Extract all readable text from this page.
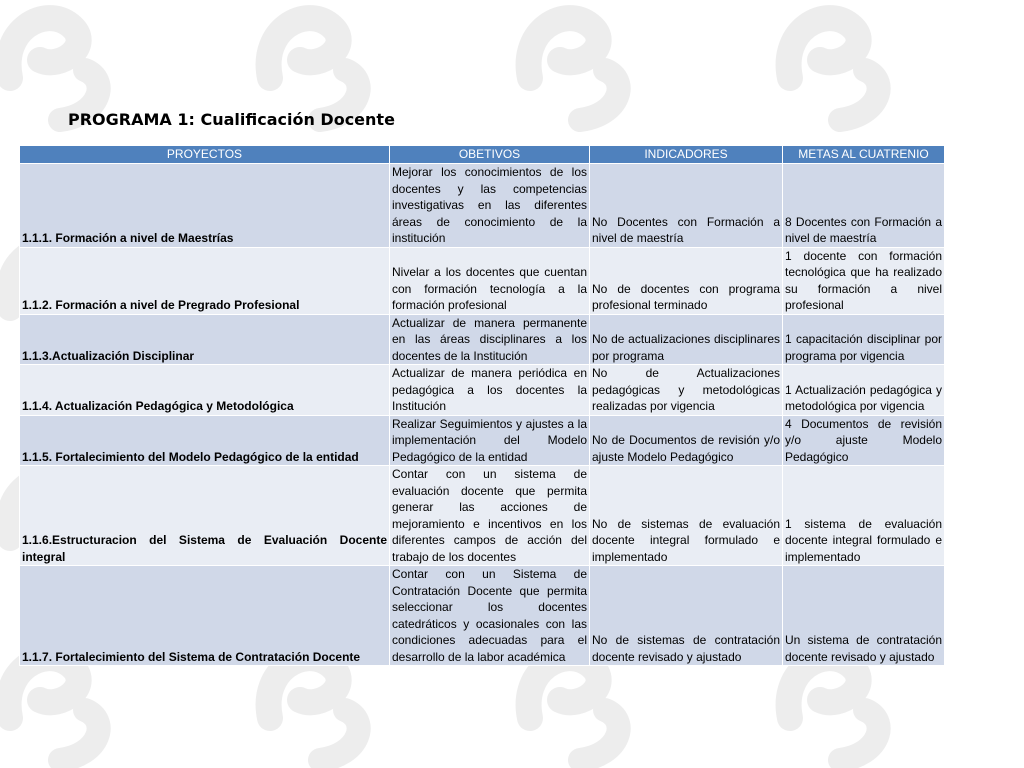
PROGRAMA 1: Cualificación Docente
PROYECTOS	OBETIVOS	INDICADORES	METAS AL CUATRENIO
1.1.1. Formación a nivel de Maestrías	Mejorar los conocimientos de los docentes y las competencias investigativas en las diferentes áreas de conocimiento de la institución	No Docentes con Formación a nivel de maestría	8 Docentes con Formación a nivel de maestría
1.1.2. Formación a nivel de Pregrado Profesional	Nivelar a los docentes que cuentan con formación tecnología a la formación profesional	No de docentes con programa profesional terminado	1 docente con formación tecnológica que ha realizado su formación a nivel profesional
1.1.3.Actualización Disciplinar	Actualizar de manera permanente en las áreas disciplinares a los docentes de la Institución	No de actualizaciones disciplinares por programa	1 capacitación disciplinar por programa por vigencia
1.1.4. Actualización Pedagógica y Metodológica	Actualizar de manera periódica en pedagógica a los docentes la Institución	No de Actualizaciones pedagógicas y metodológicas realizadas por vigencia	1 Actualización pedagógica y metodológica por vigencia
1.1.5. Fortalecimiento del Modelo Pedagógico de la entidad	Realizar Seguimientos y ajustes a la implementación del Modelo Pedagógico de la entidad	No de Documentos de revisión y/o ajuste Modelo Pedagógico	4 Documentos de revisión y/o ajuste Modelo Pedagógico
1.1.6.Estructuracion del Sistema de Evaluación Docente integral	Contar con un sistema de evaluación docente que permita generar las acciones de mejoramiento e incentivos en los diferentes campos de acción del trabajo de los docentes	No de sistemas de evaluación docente integral formulado e implementado	1 sistema de evaluación docente integral formulado e implementado
1.1.7. Fortalecimiento del Sistema de Contratación Docente	Contar con un Sistema de Contratación Docente que permita seleccionar los docentes catedráticos y ocasionales con las condiciones adecuadas para el desarrollo de la labor académica	No de sistemas de contratación docente revisado y ajustado	Un sistema de contratación docente revisado y ajustado
